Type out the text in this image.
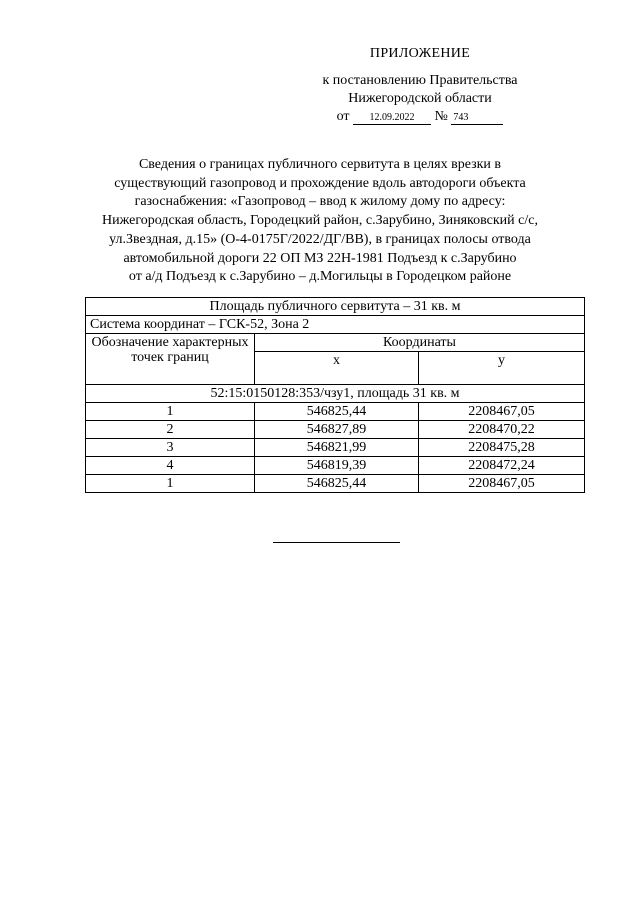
ПРИЛОЖЕНИЕ
к постановлению Правительства
Нижегородской области
от 12.09.2022 № 743
Сведения о границах публичного сервитута в целях врезки в
существующий газопровод и прохождение вдоль автодороги объекта
газоснабжения: «Газопровод – ввод к жилому дому по адресу:
Нижегородская область, Городецкий район, с.Зарубино, Зиняковский с/с,
ул.Звездная, д.15» (О-4-0175Г/2022/ДГ/ВВ), в границах полосы отвода
автомобильной дороги 22 ОП МЗ 22Н-1981 Подъезд к с.Зарубино
от а/д Подъезд к с.Зарубино – д.Могильцы в Городецком районе
Площадь публичного сервитута – 31 кв. м		
Система координат – ГСК-52, Зона 2		
Обозначение характерных точек границ	Координаты	
	x	y
52:15:0150128:353/чзу1, площадь 31 кв. м		
1	546825,44	2208467,05
2	546827,89	2208470,22
3	546821,99	2208475,28
4	546819,39	2208472,24
1	546825,44	2208467,05
